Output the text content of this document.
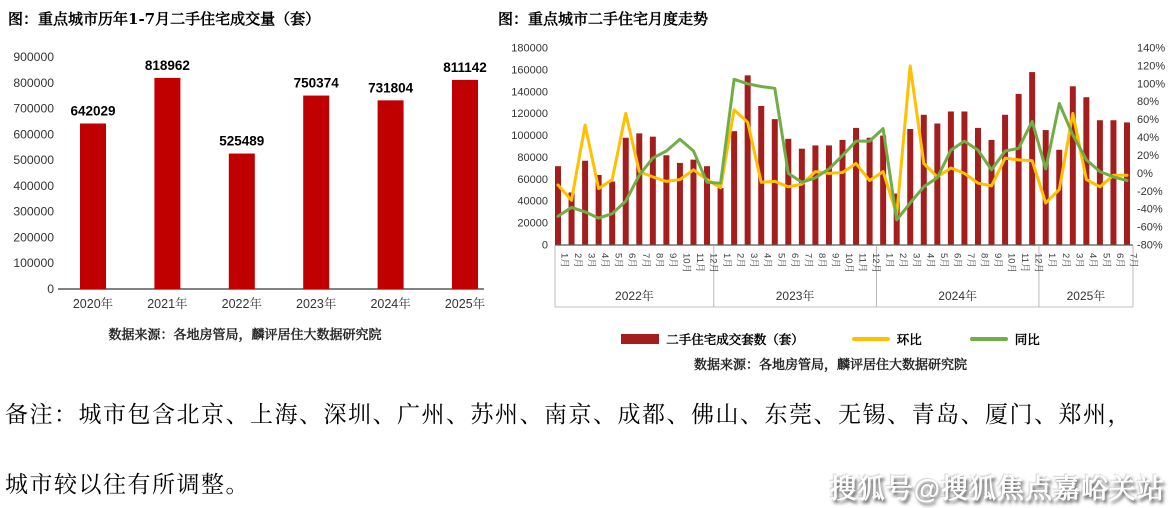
图：重点城市历年1-7月二手住宅成交量（套）
0
100000
200000
300000
400000
500000
600000
700000
800000
900000
642029
2020年
818962
2021年
525489
2022年
750374
2023年
731804
2024年
811142
2025年
数据来源：各地房管局，麟评居住大数据研究院
图：重点城市二手住宅月度走势
0
20000
40000
60000
80000
100000
120000
140000
160000
180000
-80%
-60%
-40%
-20%
0%
20%
40%
60%
80%
100%
120%
140%
1月 2月 3月 4月 5月 6月 7月 8月 9月 10月 11月 12月 1月 2月 3月 4月 5月 6月 7月 8月 9月 10月 11月 12月 1月 2月 3月 4月 5月 6月 7月 8月 9月 10月 11月 12月 1月 2月 3月 4月 5月 6月 7月
2022年	2023年	2024年	2025年
二手住宅成交套数（套）	环比	同比
数据来源：各地房管局，麟评居住大数据研究院
备注：城市包含北京、上海、深圳、广州、苏州、南京、成都、佛山、东莞、无锡、青岛、厦门、郑州，
城市较以往有所调整。	搜狐号@搜狐焦点嘉峪关站
